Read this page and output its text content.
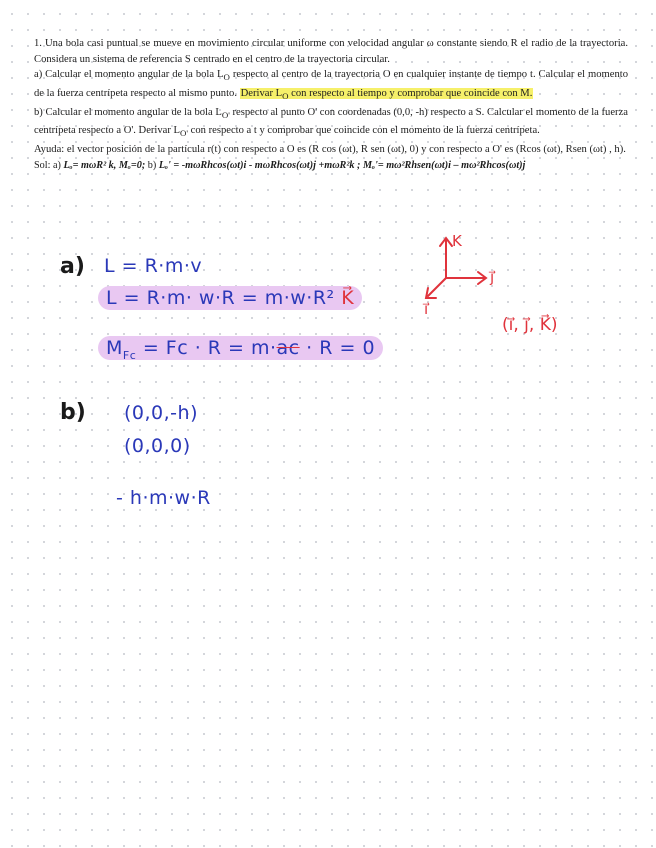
1. Una bola casi puntual se mueve en movimiento circular uniforme con velocidad angular ω constante siendo R el radio de la trayectoria. Considera un sistema de referencia S centrado en el centro de la trayectoria circular.

a) Calcular el momento angular de la bola $L_O$ respecto al centro de la trayectoria O en cualquier instante de tiempo t. Calcular el momento de la fuerza centrípeta respecto al mismo punto. Derivar $L_O$ con respecto al tiempo y comprobar que coincide con M.

b) Calcular el momento angular de la bola $L_{O'}$ respecto al punto O' con coordenadas (0,0, -h) respecto a S. Calcular el momento de la fuerza centrípeta respecto a O'. Derivar $L_{O'}$ con respecto a t y comprobar que coincide con el momento de la fuerza centrípeta.

Ayuda: el vector posición de la partícula r(t) con respecto a O es (R cos (ωt), R sen (ωt), 0) y con respecto a O' es (Rcos (ωt), Rsen (ωt) , h).

Sol: a) Lₒ= mωR² k, Mₒ=0; b) Lₒ' = -mωRhcos(ωt)i - mωRhcos(ωt)j +mωR²k ; Mₒ'= mω²Rhsen(ωt)i – mω²Rhcos(ωt)j

a) L = R·m·v
L = R·m· w·R = m·w·R² K⃗
$M_{Fc} = Fc \cdot R = m\cdot ac \cdot R = 0$
b) (0,0,-h)
(0,0,0)
- h·m·w·R
K
j⃗
i⃗
(i⃗, j⃗, K⃗)
